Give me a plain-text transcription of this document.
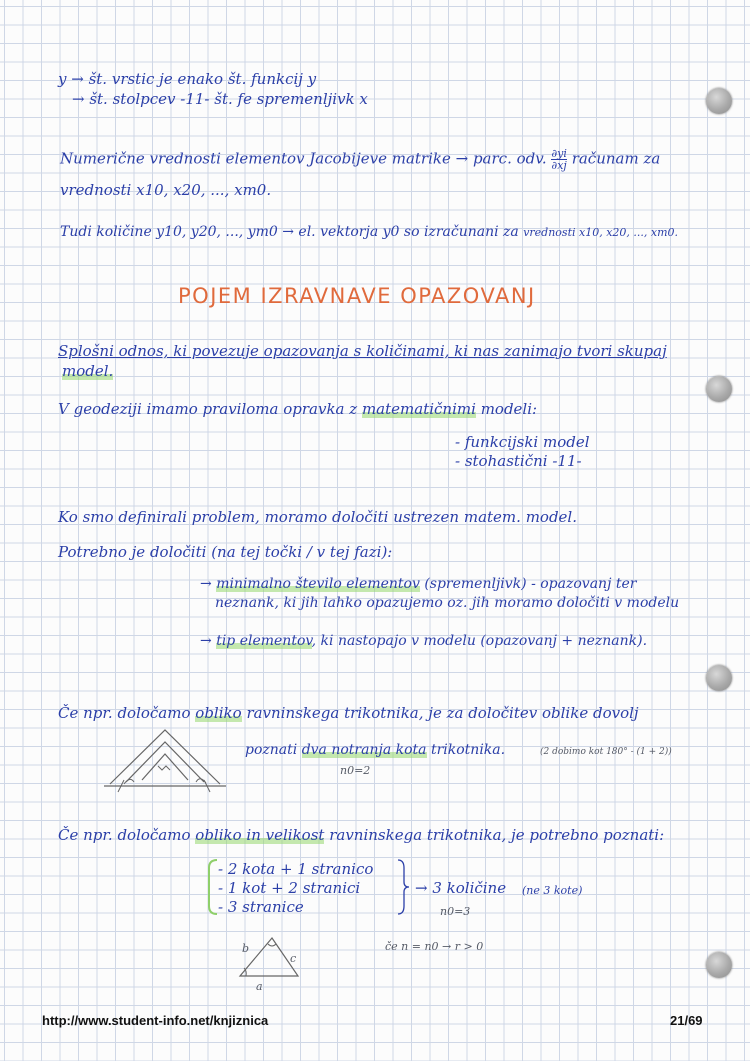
y → št. vrstic je enako št. funkcij y
→ št. stolpcev -11- št. fe spremenljivk x
Numerične vrednosti elementov Jacobijeve matrike → parc. odv. $\frac{\partial yi}{\partial xj}$ računam za
vrednosti x10, x20, ..., xm0.
Tudi količine y10, y20, ..., ym0 → el. vektorja y0 so izračunani za vrednosti x10, x20, ..., xm0.
POJEM IZRAVNAVE OPAZOVANJ
Splošni odnos, ki povezuje opazovanja s količinami, ki nas zanimajo tvori skupaj
model.
V geodeziji imamo praviloma opravka z matematičnimi modeli:
- funkcijski model
- stohastični -11-
Ko smo definirali problem, moramo določiti ustrezen matem. model.
Potrebno je določiti (na tej točki / v tej fazi):
→ minimalno število elementov (spremenljivk) - opazovanj ter
neznank, ki jih lahko opazujemo oz. jih moramo določiti v modelu
→ tip elementov, ki nastopajo v modelu (opazovanj + neznank).
Če npr. določamo obliko ravninskega trikotnika, je za določitev oblike dovolj
poznati dva notranja kota trikotnika.	(2 dobimo kot 180° - (1 + 2))
n0=2
Če npr. določamo obliko in velikost ravninskega trikotnika, je potrebno poznati:
- 2 kota + 1 stranico
- 1 kot + 2 stranici
- 3 stranice
→ 3 količine (ne 3 kote)
n0=3
če n = n0 → r > 0
b
c
a
http://www.student-info.net/knjiznica	21/69
